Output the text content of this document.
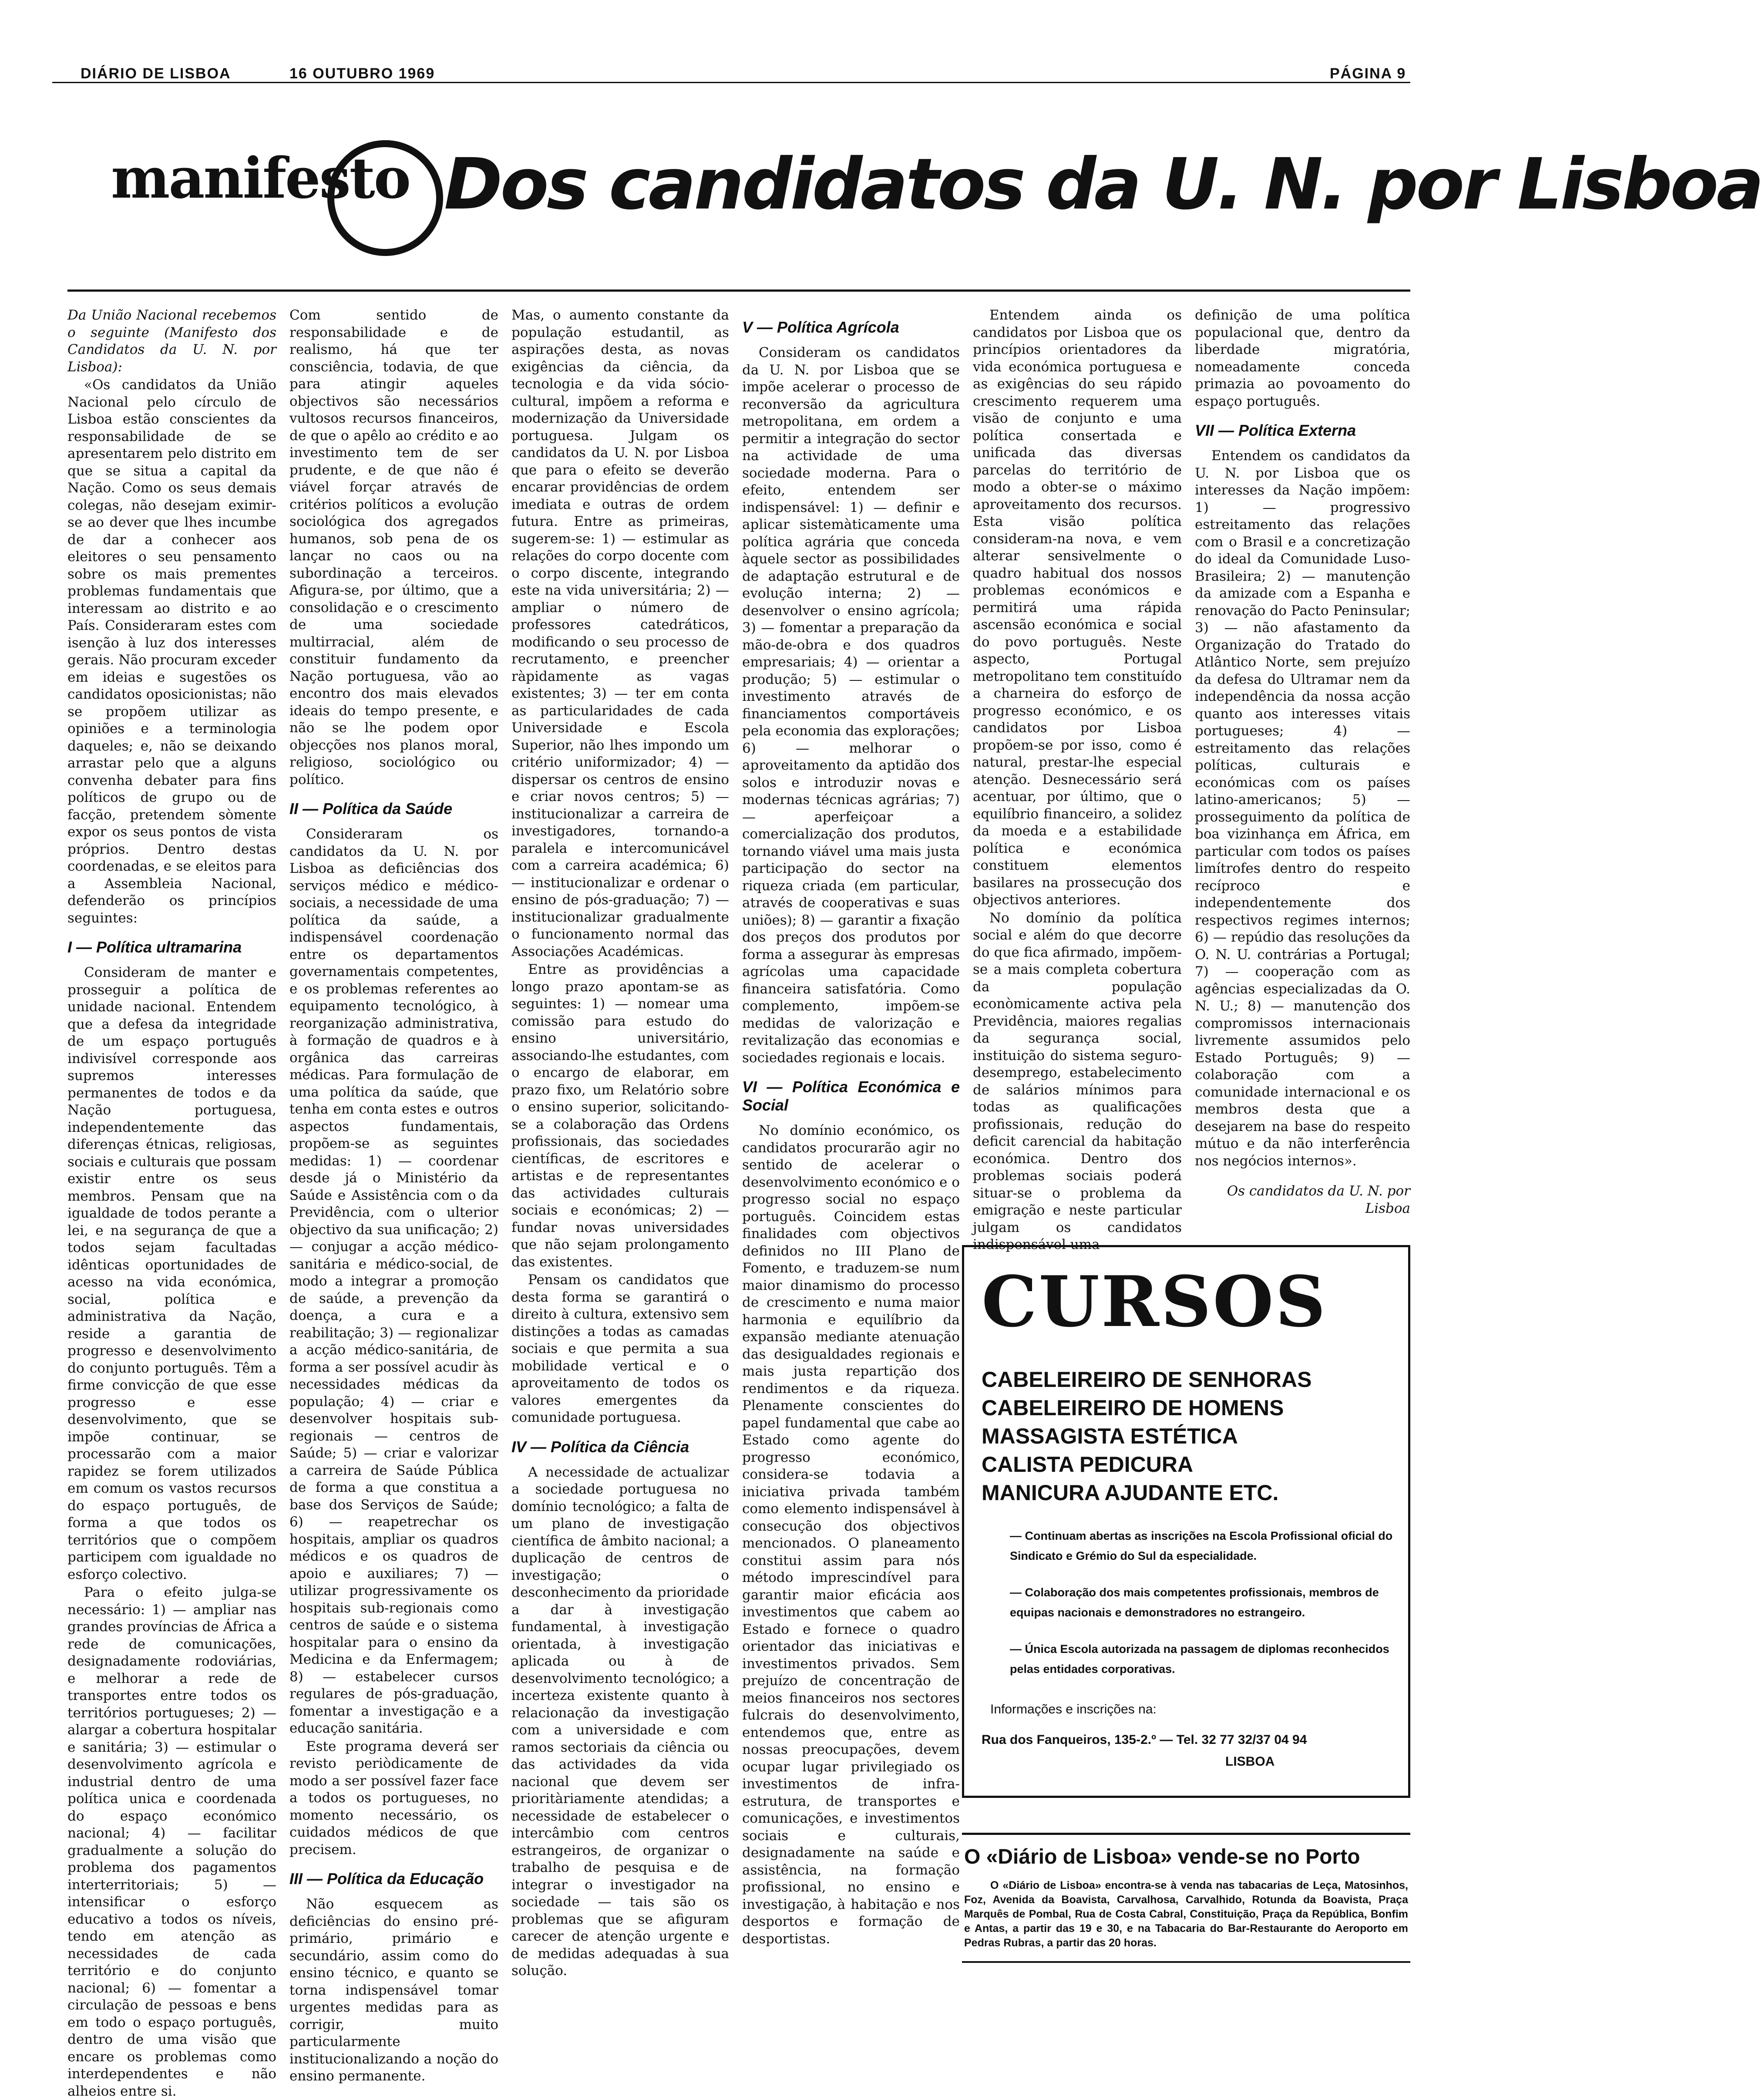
DIÁRIO DE LISBOA	16 OUTUBRO 1969	PÁGINA 9
manifesto Dos candidatos da U. N. por Lisboa

Da União Nacional recebemos o seguinte (Manifesto dos Candidatos da U. N. por Lisboa):

«Os candidatos da União Nacional pelo círculo de Lisboa estão conscientes da responsabilidade de se apresentarem pelo distrito em que se situa a capital da Nação. Como os seus demais colegas, não desejam eximir-se ao dever que lhes incumbe de dar a conhecer aos eleitores o seu pensamento sobre os mais prementes problemas fundamentais que interessam ao distrito e ao País. Consideraram estes com isenção à luz dos interesses gerais. Não procuram exceder em ideias e sugestões os candidatos oposicionistas; não se propõem utilizar as opiniões e a terminologia daqueles; e, não se deixando arrastar pelo que a alguns convenha debater para fins políticos de grupo ou de facção, pretendem sòmente expor os seus pontos de vista próprios. Dentro destas coordenadas, e se eleitos para a Assembleia Nacional, defenderão os princípios seguintes:

I — Política ultramarina

Consideram de manter e prosseguir a política de unidade nacional. Entendem que a defesa da integridade de um espaço português indivisível corresponde aos supremos interesses permanentes de todos e da Nação portuguesa, independentemente das diferenças étnicas, religiosas, sociais e culturais que possam existir entre os seus membros. Pensam que na igualdade de todos perante a lei, e na segurança de que a todos sejam facultadas idênticas oportunidades de acesso na vida económica, social, política e administrativa da Nação, reside a garantia de progresso e desenvolvimento do conjunto português. Têm a firme convicção de que esse progresso e esse desenvolvimento, que se impõe continuar, se processarão com a maior rapidez se forem utilizados em comum os vastos recursos do espaço português, de forma a que todos os territórios que o compõem participem com igualdade no esforço colectivo.

Para o efeito julga-se necessário: 1) — ampliar nas grandes províncias de África a rede de comunicações, designadamente rodoviárias, e melhorar a rede de transportes entre todos os territórios portugueses; 2) — alargar a cobertura hospitalar e sanitária; 3) — estimular o desenvolvimento agrícola e industrial dentro de uma política unica e coordenada do espaço económico nacional; 4) — facilitar gradualmente a solução do problema dos pagamentos interterritoriais; 5) — intensificar o esforço educativo a todos os níveis, tendo em atenção as necessidades de cada território e do conjunto nacional; 6) — fomentar a circulação de pessoas e bens em todo o espaço português, dentro de uma visão que encare os problemas como interdependentes e não alheios entre si.

Com sentido de responsabilidade e de realismo, há que ter consciência, todavia, de que para atingir aqueles objectivos são necessários vultosos recursos financeiros, de que o apêlo ao crédito e ao investimento tem de ser prudente, e de que não é viável forçar através de critérios políticos a evolução sociológica dos agregados humanos, sob pena de os lançar no caos ou na subordinação a terceiros. Afigura-se, por último, que a consolidação e o crescimento de uma sociedade multirracial, além de constituir fundamento da Nação portuguesa, vão ao encontro dos mais elevados ideais do tempo presente, e não se lhe podem opor objecções nos planos moral, religioso, sociológico ou político.

II — Política da Saúde

Consideraram os candidatos da U. N. por Lisboa as deficiências dos serviços médico e médico-sociais, a necessidade de uma política da saúde, a indispensável coordenação entre os departamentos governamentais competentes, e os problemas referentes ao equipamento tecnológico, à reorganização administrativa, à formação de quadros e à orgânica das carreiras médicas. Para formulação de uma política da saúde, que tenha em conta estes e outros aspectos fundamentais, propõem-se as seguintes medidas: 1) — coordenar desde já o Ministério da Saúde e Assistência com o da Previdência, com o ulterior objectivo da sua unificação; 2) — conjugar a acção médico-sanitária e médico-social, de modo a integrar a promoção de saúde, a prevenção da doença, a cura e a reabilitação; 3) — regionalizar a acção médico-sanitária, de forma a ser possível acudir às necessidades médicas da população; 4) — criar e desenvolver hospitais sub-regionais — centros de Saúde; 5) — criar e valorizar a carreira de Saúde Pública de forma a que constitua a base dos Serviços de Saúde; 6) — reapetrechar os hospitais, ampliar os quadros médicos e os quadros de apoio e auxiliares; 7) — utilizar progressivamente os hospitais sub-regionais como centros de saúde e o sistema hospitalar para o ensino da Medicina e da Enfermagem; 8) — estabelecer cursos regulares de pós-graduação, fomentar a investigação e a educação sanitária.

Este programa deverá ser revisto periòdicamente de modo a ser possível fazer face a todos os portugueses, no momento necessário, os cuidados médicos de que precisem.

III — Política da Educação

Não esquecem as deficiências do ensino pré-primário, primário e secundário, assim como do ensino técnico, e quanto se torna indispensável tomar urgentes medidas para as corrigir, muito particularmente institucionalizando a noção do ensino permanente.

Mas, o aumento constante da população estudantil, as aspirações desta, as novas exigências da ciência, da tecnologia e da vida sócio-cultural, impõem a reforma e modernização da Universidade portuguesa. Julgam os candidatos da U. N. por Lisboa que para o efeito se deverão encarar providências de ordem imediata e outras de ordem futura. Entre as primeiras, sugerem-se: 1) — estimular as relações do corpo docente com o corpo discente, integrando este na vida universitária; 2) — ampliar o número de professores catedráticos, modificando o seu processo de recrutamento, e preencher ràpidamente as vagas existentes; 3) — ter em conta as particularidades de cada Universidade e Escola Superior, não lhes impondo um critério uniformizador; 4) — dispersar os centros de ensino e criar novos centros; 5) — institucionalizar a carreira de investigadores, tornando-a paralela e intercomunicável com a carreira académica; 6) — institucionalizar e ordenar o ensino de pós-graduação; 7) — institucionalizar gradualmente o funcionamento normal das Associações Académicas.

Entre as providências a longo prazo apontam-se as seguintes: 1) — nomear uma comissão para estudo do ensino universitário, associando-lhe estudantes, com o encargo de elaborar, em prazo fixo, um Relatório sobre o ensino superior, solicitando-se a colaboração das Ordens profissionais, das sociedades científicas, de escritores e artistas e de representantes das actividades culturais sociais e económicas; 2) — fundar novas universidades que não sejam prolongamento das existentes.

Pensam os candidatos que desta forma se garantirá o direito à cultura, extensivo sem distinções a todas as camadas sociais e que permita a sua mobilidade vertical e o aproveitamento de todos os valores emergentes da comunidade portuguesa.

IV — Política da Ciência

A necessidade de actualizar a sociedade portuguesa no domínio tecnológico; a falta de um plano de investigação científica de âmbito nacional; a duplicação de centros de investigação; o desconhecimento da prioridade a dar à investigação fundamental, à investigação orientada, à investigação aplicada ou à de desenvolvimento tecnológico; a incerteza existente quanto à relacionação da investigação com a universidade e com ramos sectoriais da ciência ou das actividades da vida nacional que devem ser prioritàriamente atendidas; a necessidade de estabelecer o intercâmbio com centros estrangeiros, de organizar o trabalho de pesquisa e de integrar o investigador na sociedade — tais são os problemas que se afiguram carecer de atenção urgente e de medidas adequadas à sua solução.

V — Política Agrícola

Consideram os candidatos da U. N. por Lisboa que se impõe acelerar o processo de reconversão da agricultura metropolitana, em ordem a permitir a integração do sector na actividade de uma sociedade moderna. Para o efeito, entendem ser indispensável: 1) — definir e aplicar sistemàticamente uma política agrária que conceda àquele sector as possibilidades de adaptação estrutural e de evolução interna; 2) — desenvolver o ensino agrícola; 3) — fomentar a preparação da mão-de-obra e dos quadros empresariais; 4) — orientar a produção; 5) — estimular o investimento através de financiamentos comportáveis pela economia das explorações; 6) — melhorar o aproveitamento da aptidão dos solos e introduzir novas e modernas técnicas agrárias; 7) — aperfeiçoar a comercialização dos produtos, tornando viável uma mais justa participação do sector na riqueza criada (em particular, através de cooperativas e suas uniões); 8) — garantir a fixação dos preços dos produtos por forma a assegurar às empresas agrícolas uma capacidade financeira satisfatória. Como complemento, impõem-se medidas de valorização e revitalização das economias e sociedades regionais e locais.

VI — Política Económica e Social

No domínio económico, os candidatos procurarão agir no sentido de acelerar o desenvolvimento económico e o progresso social no espaço português. Coincidem estas finalidades com objectivos definidos no III Plano de Fomento, e traduzem-se num maior dinamismo do processo de crescimento e numa maior harmonia e equilíbrio da expansão mediante atenuação das desigualdades regionais e mais justa repartição dos rendimentos e da riqueza. Plenamente conscientes do papel fundamental que cabe ao Estado como agente do progresso económico, considera-se todavia a iniciativa privada também como elemento indispensável à consecução dos objectivos mencionados. O planeamento constitui assim para nós método imprescindível para garantir maior eficácia aos investimentos que cabem ao Estado e fornece o quadro orientador das iniciativas e investimentos privados. Sem prejuízo de concentração de meios financeiros nos sectores fulcrais do desenvolvimento, entendemos que, entre as nossas preocupações, devem ocupar lugar privilegiado os investimentos de infra-estrutura, de transportes e comunicações, e investimentos sociais e culturais, designadamente na saúde e assistência, na formação profissional, no ensino e investigação, à habitação e nos desportos e formação de desportistas.

Entendem ainda os candidatos por Lisboa que os princípios orientadores da vida económica portuguesa e as exigências do seu rápido crescimento requerem uma visão de conjunto e uma política consertada e unificada das diversas parcelas do território de modo a obter-se o máximo aproveitamento dos recursos. Esta visão política consideram-na nova, e vem alterar sensivelmente o quadro habitual dos nossos problemas económicos e permitirá uma rápida ascensão económica e social do povo português. Neste aspecto, Portugal metropolitano tem constituído a charneira do esforço de progresso económico, e os candidatos por Lisboa propõem-se por isso, como é natural, prestar-lhe especial atenção. Desnecessário será acentuar, por último, que o equilíbrio financeiro, a solidez da moeda e a estabilidade política e económica constituem elementos basilares na prossecução dos objectivos anteriores.

No domínio da política social e além do que decorre do que fica afirmado, impõem-se a mais completa cobertura da população econòmicamente activa pela Previdência, maiores regalias da segurança social, instituição do sistema seguro-desemprego, estabelecimento de salários mínimos para todas as qualificações profissionais, redução do deficit carencial da habitação económica. Dentro dos problemas sociais poderá situar-se o problema da emigração e neste particular julgam os candidatos indispensável uma

definição de uma política populacional que, dentro da liberdade migratória, nomeadamente conceda primazia ao povoamento do espaço português.

VII — Política Externa

Entendem os candidatos da U. N. por Lisboa que os interesses da Nação impõem: 1) — progressivo estreitamento das relações com o Brasil e a concretização do ideal da Comunidade Luso-Brasileira; 2) — manutenção da amizade com a Espanha e renovação do Pacto Peninsular; 3) — não afastamento da Organização do Tratado do Atlântico Norte, sem prejuízo da defesa do Ultramar nem da independência da nossa acção quanto aos interesses vitais portugueses; 4) — estreitamento das relações políticas, culturais e económicas com os países latino-americanos; 5) — prosseguimento da política de boa vizinhança em África, em particular com todos os países limítrofes dentro do respeito recíproco e independentemente dos respectivos regimes internos; 6) — repúdio das resoluções da O. N. U. contrárias a Portugal; 7) — cooperação com as agências especializadas da O. N. U.; 8) — manutenção dos compromissos internacionais livremente assumidos pelo Estado Português; 9) — colaboração com a comunidade internacional e os membros desta que a desejarem na base do respeito mútuo e da não interferência nos negócios internos».

Os candidatos da U. N. por Lisboa

CURSOS
CABELEIREIRO DE SENHORAS
CABELEIREIRO DE HOMENS
MASSAGISTA ESTÉTICA
CALISTA PEDICURA
MANICURA AJUDANTE ETC.
— Continuam abertas as inscrições na Escola Profissional oficial do Sindicato e Grémio do Sul da especialidade.
— Colaboração dos mais competentes profissionais, membros de equipas nacionais e demonstradores no estrangeiro.
— Única Escola autorizada na passagem de diplomas reconhecidos pelas entidades corporativas.
Informações e inscrições na:
Rua dos Fanqueiros, 135-2.º — Tel. 32 77 32/37 04 94
LISBOA
O «Diário de Lisboa» vende-se no Porto
O «Diário de Lisboa» encontra-se à venda nas tabacarias de Leça, Matosinhos, Foz, Avenida da Boavista, Carvalhosa, Carvalhido, Rotunda da Boavista, Praça Marquês de Pombal, Rua de Costa Cabral, Constituição, Praça da República, Bonfim e Antas, a partir das 19 e 30, e na Tabacaria do Bar-Restaurante do Aeroporto em Pedras Rubras, a partir das 20 horas.
